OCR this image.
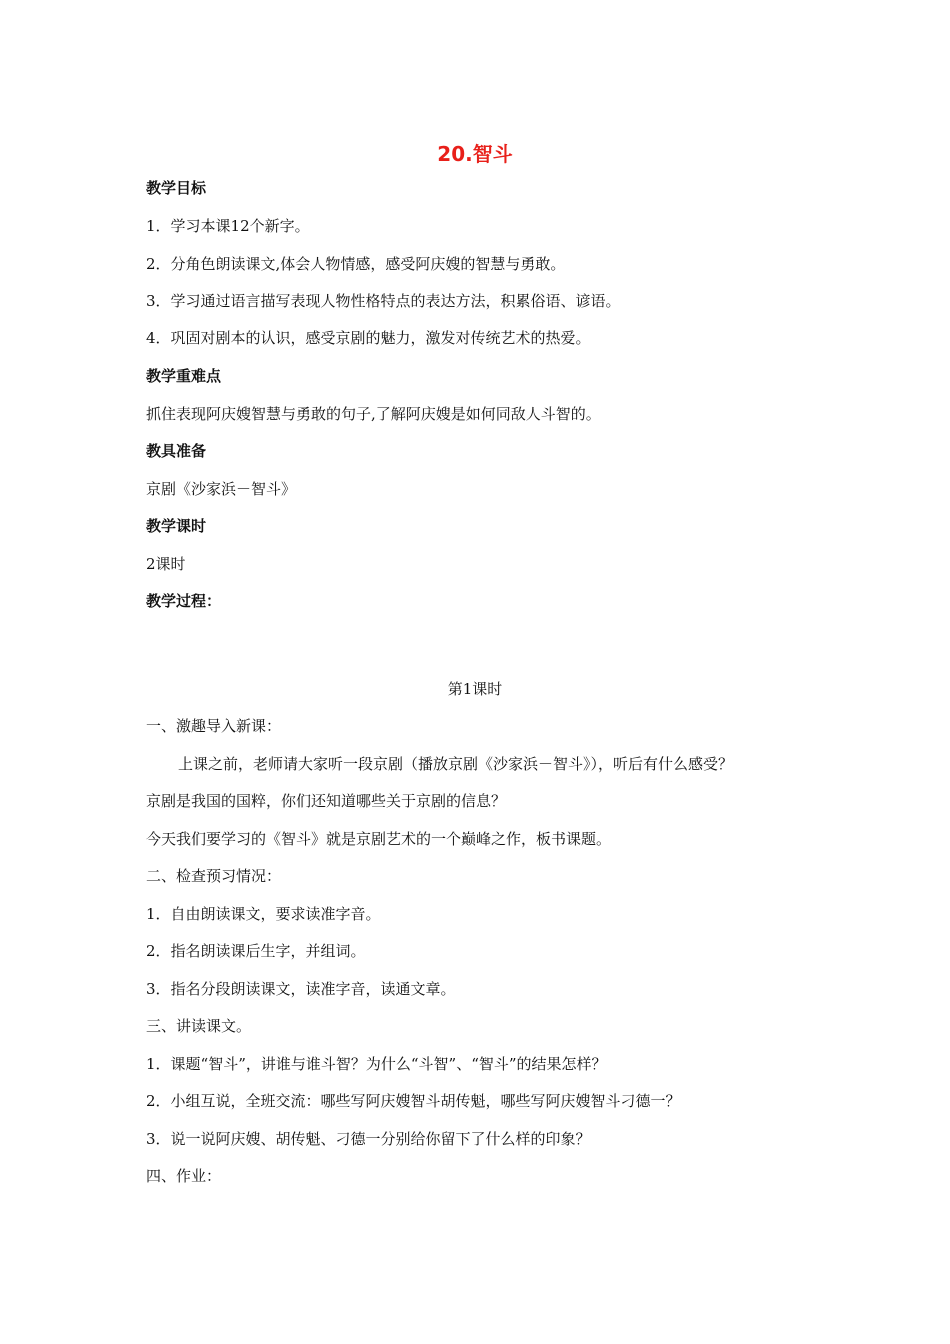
20.智斗
教学目标
1．学习本课12个新字。
2．分角色朗读课文,体会人物情感，感受阿庆嫂的智慧与勇敢。
3．学习通过语言描写表现人物性格特点的表达方法，积累俗语、谚语。
4．巩固对剧本的认识，感受京剧的魅力，激发对传统艺术的热爱。
教学重难点
抓住表现阿庆嫂智慧与勇敢的句子,了解阿庆嫂是如何同敌人斗智的。
教具准备
京剧《沙家浜－智斗》
教学课时
2课时
教学过程：
第1课时
一、激趣导入新课：
上课之前，老师请大家听一段京剧（播放京剧《沙家浜－智斗》），听后有什么感受？
京剧是我国的国粹，你们还知道哪些关于京剧的信息？
今天我们要学习的《智斗》就是京剧艺术的一个巅峰之作，板书课题。
二、检查预习情况：
1．自由朗读课文，要求读准字音。
2．指名朗读课后生字，并组词。
3．指名分段朗读课文，读准字音，读通文章。
三、讲读课文。
1．课题“智斗”，讲谁与谁斗智？为什么“斗智”、“智斗”的结果怎样？
2．小组互说，全班交流：哪些写阿庆嫂智斗胡传魁，哪些写阿庆嫂智斗刁德一？
3．说一说阿庆嫂、胡传魁、刁德一分别给你留下了什么样的印象？
四、作业：
